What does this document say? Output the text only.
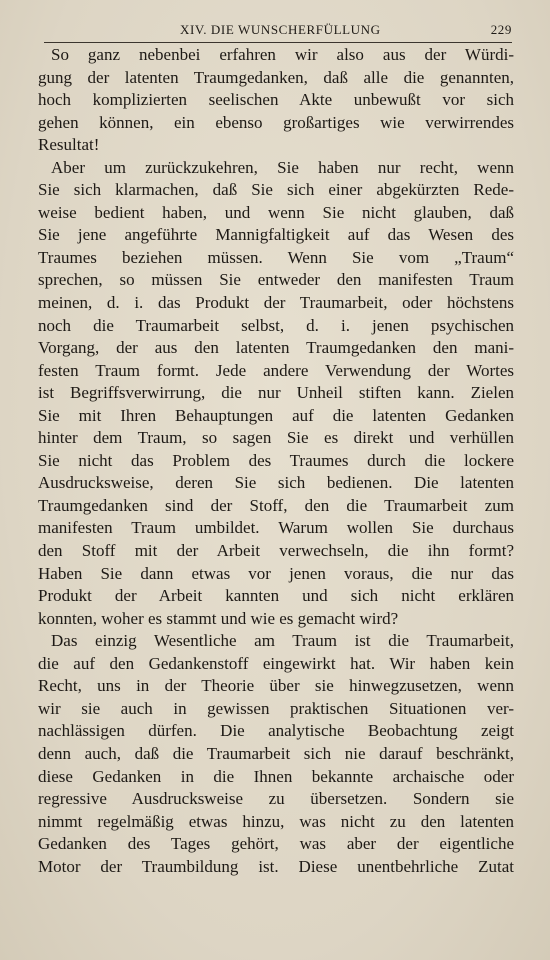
XIV. DIE WUNSCHERFÜLLUNG	229
So ganz nebenbei erfahren wir also aus der Würdi-
gung der latenten Traumgedanken, daß alle die genannten,
hoch komplizierten seelischen Akte unbewußt vor sich
gehen können, ein ebenso großartiges wie verwirrendes
Resultat!
Aber um zurückzukehren, Sie haben nur recht, wenn
Sie sich klarmachen, daß Sie sich einer abgekürzten Rede-
weise bedient haben, und wenn Sie nicht glauben, daß
Sie jene angeführte Mannigfaltigkeit auf das Wesen des
Traumes beziehen müssen. Wenn Sie vom „Traum“
sprechen, so müssen Sie entweder den manifesten Traum
meinen, d. i. das Produkt der Traumarbeit, oder höchstens
noch die Traumarbeit selbst, d. i. jenen psychischen
Vorgang, der aus den latenten Traumgedanken den mani-
festen Traum formt. Jede andere Verwendung der Wortes
ist Begriffsverwirrung, die nur Unheil stiften kann. Zielen
Sie mit Ihren Behauptungen auf die latenten Gedanken
hinter dem Traum, so sagen Sie es direkt und verhüllen
Sie nicht das Problem des Traumes durch die lockere
Ausdrucksweise, deren Sie sich bedienen. Die latenten
Traumgedanken sind der Stoff, den die Traumarbeit zum
manifesten Traum umbildet. Warum wollen Sie durchaus
den Stoff mit der Arbeit verwechseln, die ihn formt?
Haben Sie dann etwas vor jenen voraus, die nur das
Produkt der Arbeit kannten und sich nicht erklären
konnten, woher es stammt und wie es gemacht wird?
Das einzig Wesentliche am Traum ist die Traumarbeit,
die auf den Gedankenstoff eingewirkt hat. Wir haben kein
Recht, uns in der Theorie über sie hinwegzusetzen, wenn
wir sie auch in gewissen praktischen Situationen ver-
nachlässigen dürfen. Die analytische Beobachtung zeigt
denn auch, daß die Traumarbeit sich nie darauf beschränkt,
diese Gedanken in die Ihnen bekannte archaische oder
regressive Ausdrucksweise zu übersetzen. Sondern sie
nimmt regelmäßig etwas hinzu, was nicht zu den latenten
Gedanken des Tages gehört, was aber der eigentliche
Motor der Traumbildung ist. Diese unentbehrliche Zutat
